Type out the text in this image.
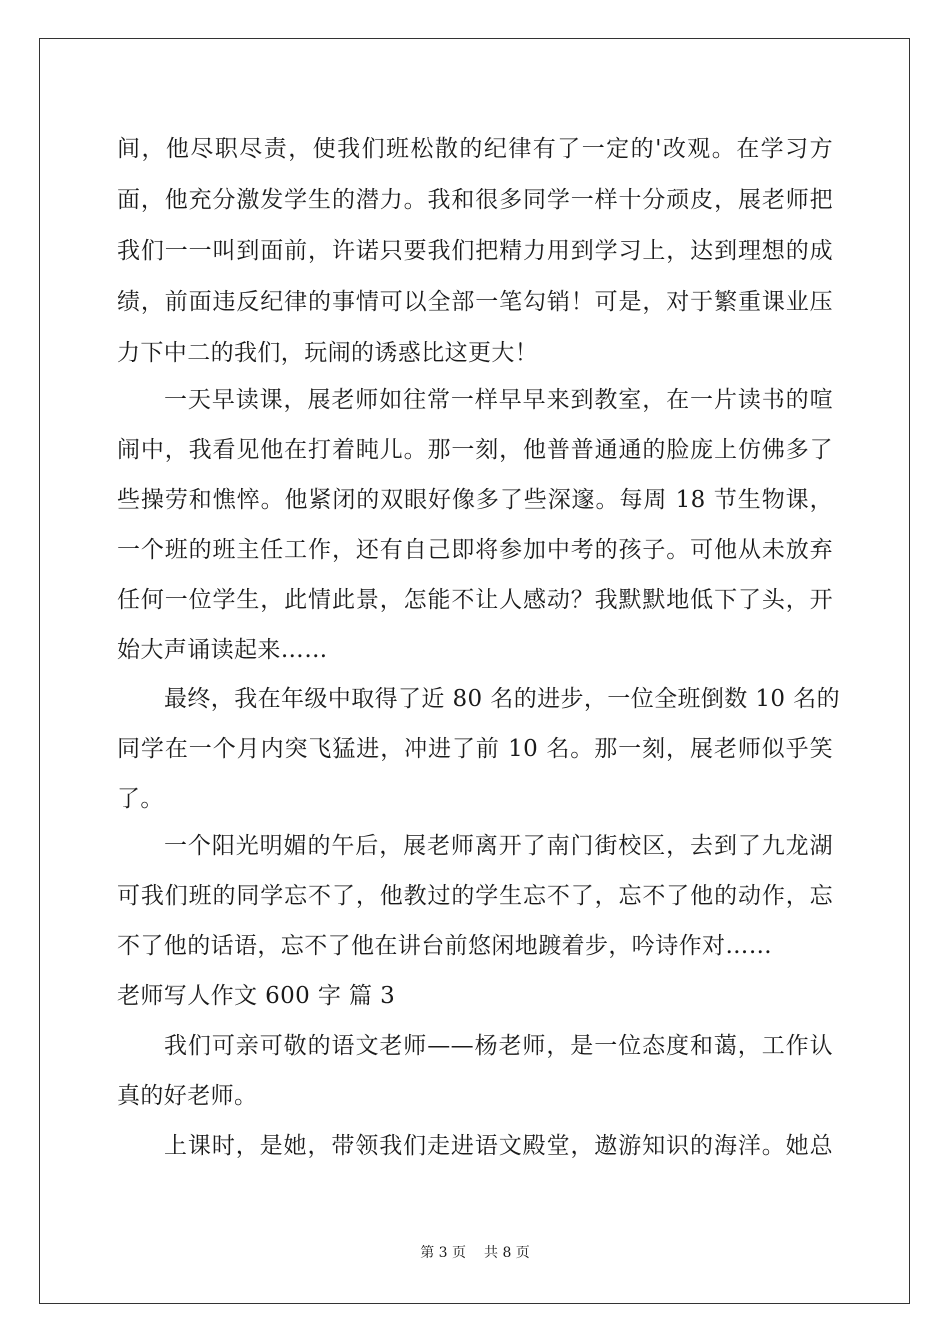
间，他尽职尽责，使我们班松散的纪律有了一定的'改观。在学习方
面，他充分激发学生的潜力。我和很多同学一样十分顽皮，展老师把
我们一一叫到面前，许诺只要我们把精力用到学习上，达到理想的成
绩，前面违反纪律的事情可以全部一笔勾销！可是，对于繁重课业压
力下中二的我们，玩闹的诱惑比这更大！
一天早读课，展老师如往常一样早早来到教室，在一片读书的喧
闹中，我看见他在打着盹儿。那一刻，他普普通通的脸庞上仿佛多了
些操劳和憔悴。他紧闭的双眼好像多了些深邃。每周 18 节生物课，
一个班的班主任工作，还有自己即将参加中考的孩子。可他从未放弃
任何一位学生，此情此景，怎能不让人感动？我默默地低下了头，开
始大声诵读起来……
最终，我在年级中取得了近 80 名的进步，一位全班倒数 10 名的
同学在一个月内突飞猛进，冲进了前 10 名。那一刻，展老师似乎笑
了。
一个阳光明媚的午后，展老师离开了南门街校区，去到了九龙湖
可我们班的同学忘不了，他教过的学生忘不了，忘不了他的动作，忘
不了他的话语，忘不了他在讲台前悠闲地踱着步，吟诗作对……
老师写人作文 600 字 篇 3
我们可亲可敬的语文老师——杨老师，是一位态度和蔼，工作认
真的好老师。
上课时，是她，带领我们走进语文殿堂，遨游知识的海洋。她总
第 3 页 共 8 页
